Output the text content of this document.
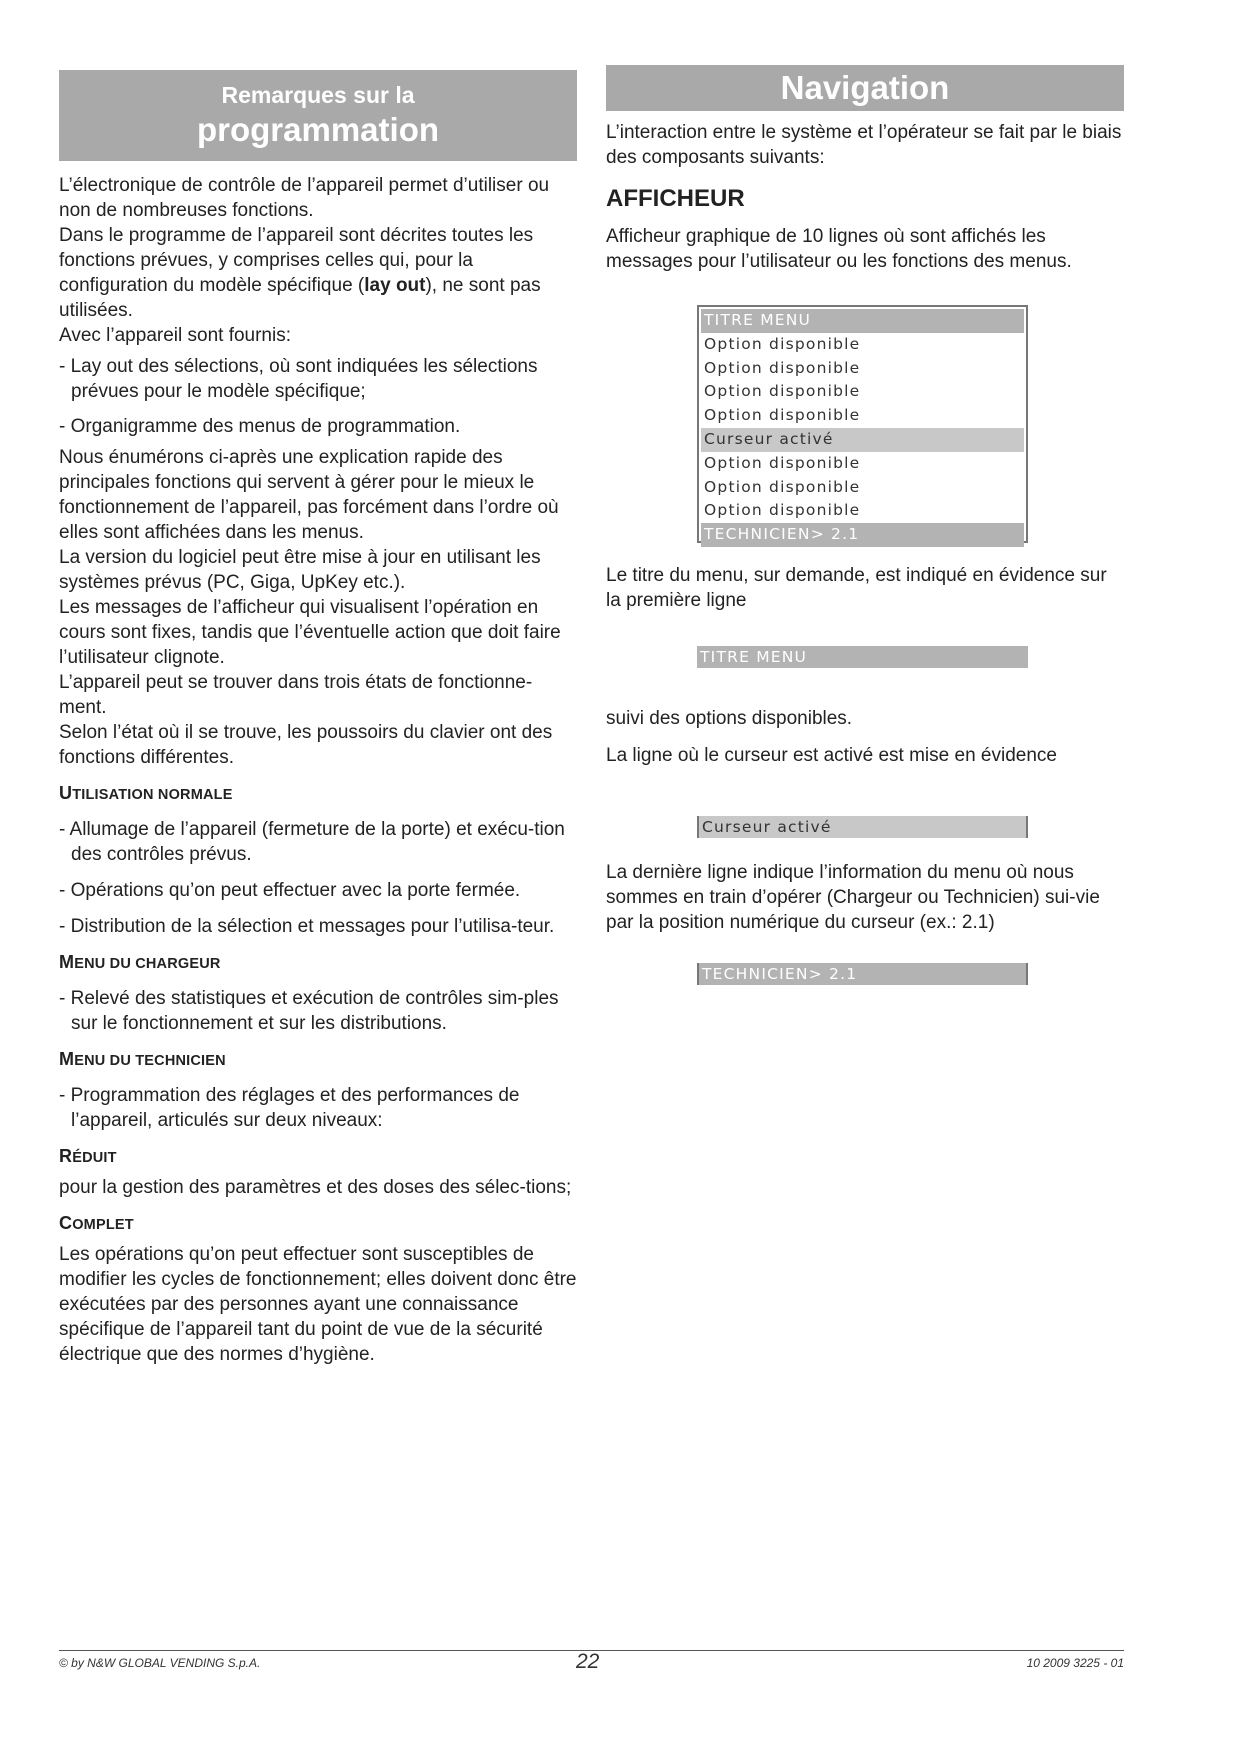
Remarques sur la
programmation

L’électronique de contrôle de l’appareil permet d’utiliser ou non de nombreuses fonctions.
Dans le programme de l’appareil sont décrites toutes les fonctions prévues, y comprises celles qui, pour la configuration du modèle spécifique (lay out), ne sont pas utilisées.
Avec l’appareil sont fournis:

- Lay out des sélections, où sont indiquées les sélections prévues pour le modèle spécifique;

- Organigramme des menus de programmation.

Nous énumérons ci-après une explication rapide des principales fonctions qui servent à gérer pour le mieux le fonctionnement de l’appareil, pas forcément dans l’ordre où elles sont affichées dans les menus.
La version du logiciel peut être mise à jour en utilisant les systèmes prévus (PC, Giga, UpKey etc.).
Les messages de l’afficheur qui visualisent l’opération en cours sont fixes, tandis que l’éventuelle action que doit faire l’utilisateur clignote.
L’appareil peut se trouver dans trois états de fonctionne-ment.
Selon l’état où il se trouve, les poussoirs du clavier ont des fonctions différentes.

UTILISATION NORMALE

- Allumage de l’appareil (fermeture de la porte) et exécu-tion des contrôles prévus.

- Opérations qu’on peut effectuer avec la porte fermée.

- Distribution de la sélection et messages pour l’utilisa-teur.

MENU DU CHARGEUR

- Relevé des statistiques et exécution de contrôles sim-ples sur le fonctionnement et sur les distributions.

MENU DU TECHNICIEN

- Programmation des réglages et des performances de l’appareil, articulés sur deux niveaux:

RÉDUIT

pour la gestion des paramètres et des doses des sélec-tions;

COMPLET

Les opérations qu’on peut effectuer sont susceptibles de modifier les cycles de fonctionnement; elles doivent donc être exécutées par des personnes ayant une connaissance spécifique de l’appareil tant du point de vue de la sécurité électrique que des normes d’hygiène.

Navigation

L’interaction entre le système et l’opérateur se fait par le biais des composants suivants:

AFFICHEUR

Afficheur graphique de 10 lignes où sont affichés les messages pour l’utilisateur ou les fonctions des menus.

TITRE MENU
Option disponible
Option disponible
Option disponible
Option disponible
Curseur activé
Option disponible
Option disponible
Option disponible
TECHNICIEN> 2.1

Le titre du menu, sur demande, est indiqué en évidence sur la première ligne

TITRE MENU

suivi des options disponibles.

La ligne où le curseur est activé est mise en évidence

Curseur activé

La dernière ligne indique l’information du menu où nous sommes en train d’opérer (Chargeur ou Technicien) sui-vie par la position numérique du curseur (ex.: 2.1)

TECHNICIEN> 2.1
© by N&W GLOBAL VENDING S.p.A.	22	10 2009 3225 - 01
